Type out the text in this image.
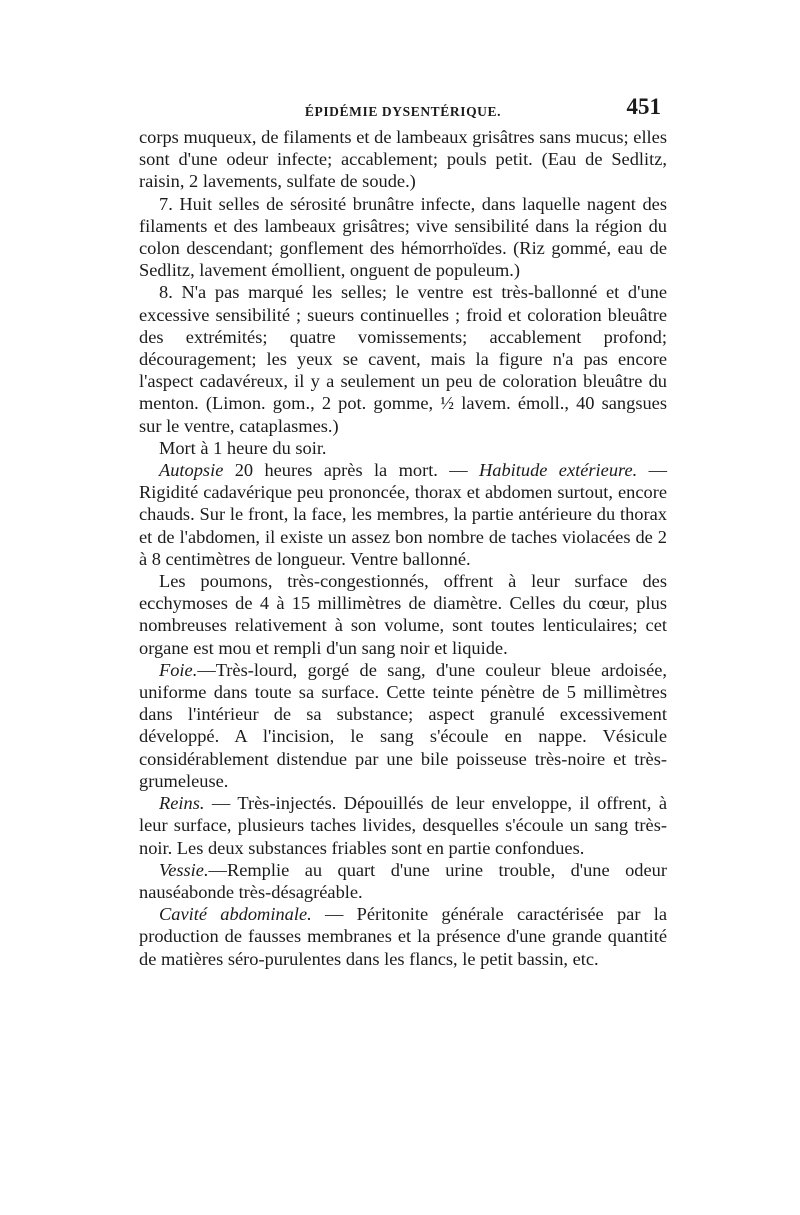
ÉPIDÉMIE DYSENTÉRIQUE.	451

corps muqueux, de filaments et de lambeaux grisâtres sans mucus; elles sont d'une odeur infecte; accablement; pouls petit. (Eau de Sedlitz, raisin, 2 lavements, sulfate de soude.)

7. Huit selles de sérosité brunâtre infecte, dans laquelle nagent des filaments et des lambeaux grisâtres; vive sensibilité dans la région du colon descendant; gonflement des hémorrhoïdes. (Riz gommé, eau de Sedlitz, lavement émollient, onguent de populeum.)

8. N'a pas marqué les selles; le ventre est très-ballonné et d'une excessive sensibilité ; sueurs continuelles ; froid et coloration bleuâtre des extrémités; quatre vomissements; accablement profond; découragement; les yeux se cavent, mais la figure n'a pas encore l'aspect cadavéreux, il y a seulement un peu de coloration bleuâtre du menton. (Limon. gom., 2 pot. gomme, ½ lavem. émoll., 40 sangsues sur le ventre, cataplasmes.)

Mort à 1 heure du soir.

Autopsie 20 heures après la mort. — Habitude extérieure. — Rigidité cadavérique peu prononcée, thorax et abdomen surtout, encore chauds. Sur le front, la face, les membres, la partie antérieure du thorax et de l'abdomen, il existe un assez bon nombre de taches violacées de 2 à 8 centimètres de longueur. Ventre ballonné.

Les poumons, très-congestionnés, offrent à leur surface des ecchymoses de 4 à 15 millimètres de diamètre. Celles du cœur, plus nombreuses relativement à son volume, sont toutes lenticulaires; cet organe est mou et rempli d'un sang noir et liquide.

Foie.—Très-lourd, gorgé de sang, d'une couleur bleue ardoisée, uniforme dans toute sa surface. Cette teinte pénètre de 5 millimètres dans l'intérieur de sa substance; aspect granulé excessivement développé. A l'incision, le sang s'écoule en nappe. Vésicule considérablement distendue par une bile poisseuse très-noire et très-grumeleuse.

Reins. — Très-injectés. Dépouillés de leur enveloppe, il offrent, à leur surface, plusieurs taches livides, desquelles s'écoule un sang très-noir. Les deux substances friables sont en partie confondues.

Vessie.—Remplie au quart d'une urine trouble, d'une odeur nauséabonde très-désagréable.

Cavité abdominale. — Péritonite générale caractérisée par la production de fausses membranes et la présence d'une grande quantité de matières séro-purulentes dans les flancs, le petit bassin, etc.
